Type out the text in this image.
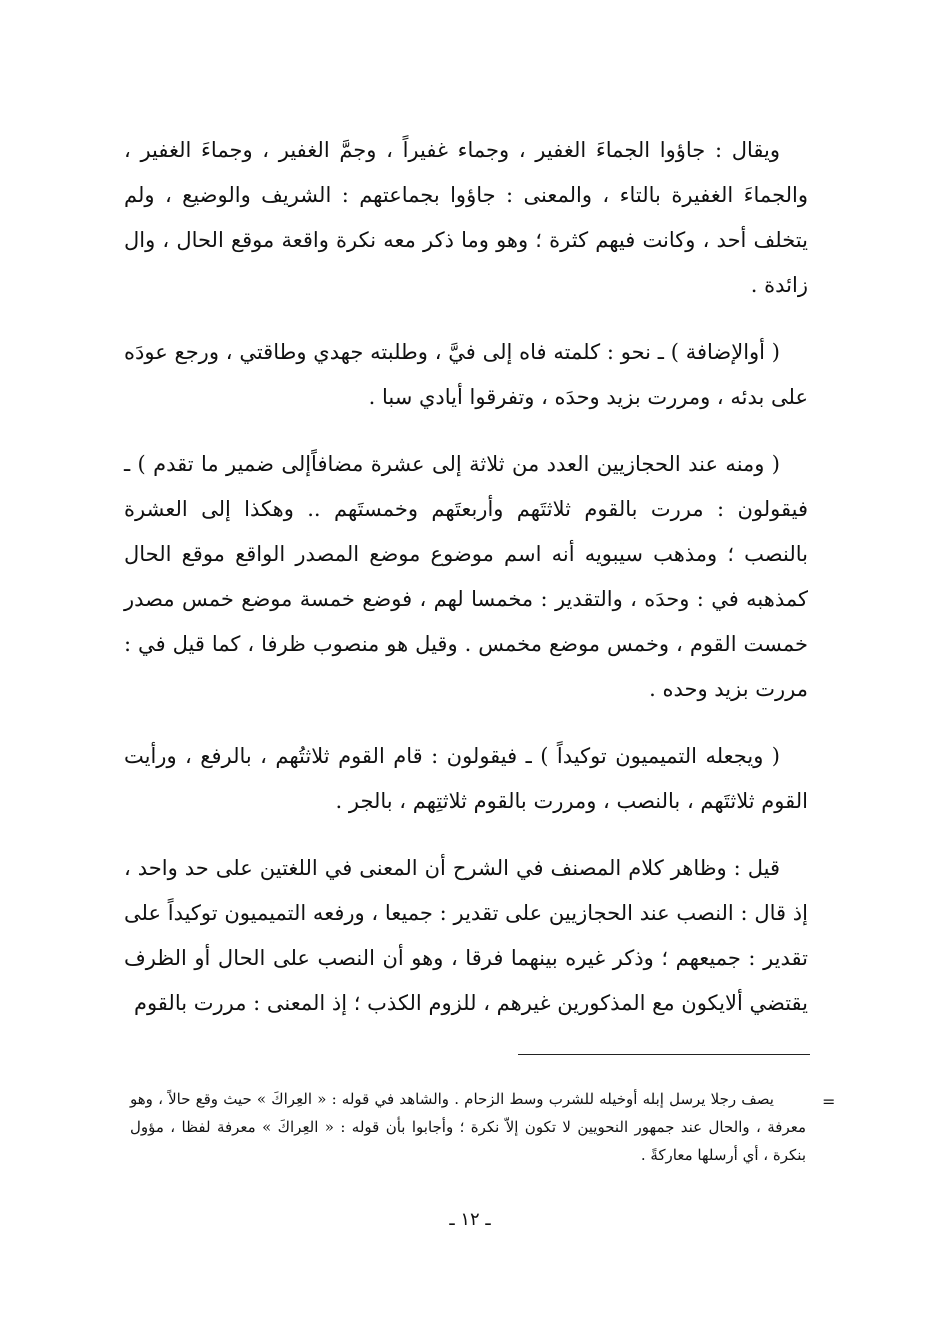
ويقال : جاؤوا الجماءَ الغفير ، وجماء غفيراً ، وجمَّ الغفير ، وجماءَ الغفير ، والجماءَ الغفيرة بالتاء ، والمعنى : جاؤوا بجماعتهم : الشريف والوضيع ، ولم يتخلف أحد ، وكانت فيهم كثرة ؛ وهو وما ذكر معه نكرة واقعة موقع الحال ، وال زائدة .

( أوالإضافة ) ـ نحو : كلمته فاه إلى فيَّ ، وطلبته جهدي وطاقتي ، ورجع عودَه على بدئه ، ومررت بزيد وحدَه ، وتفرقوا أيادي سبا .

( ومنه عند الحجازيين العدد من ثلاثة إلى عشرة مضافاًإلى ضمير ما تقدم ) ـ فيقولون : مررت بالقوم ثلاثتَهم وأربعتَهم وخمستَهم .. وهكذا إلى العشرة بالنصب ؛ ومذهب سيبويه أنه اسم موضوع موضع المصدر الواقع موقع الحال كمذهبه في : وحدَه ، والتقدير : مخمسا لهم ، فوضع خمسة موضع خمس مصدر خمست القوم ، وخمس موضع مخمس . وقيل هو منصوب ظرفا ، كما قيل في : مررت بزيد وحده .

( ويجعله التميميون توكيداً ) ـ فيقولون : قام القوم ثلاثتُهم ، بالرفع ، ورأيت القوم ثلاثتَهم ، بالنصب ، ومررت بالقوم ثلاثتِهم ، بالجر .

قيل : وظاهر كلام المصنف في الشرح أن المعنى في اللغتين على حد واحد ، إذ قال : النصب عند الحجازيين على تقدير : جميعا ، ورفعه التميميون توكيداً على تقدير : جميعهم ؛ وذكر غيره بينهما فرقا ، وهو أن النصب على الحال أو الظرف يقتضي ألايكون مع المذكورين غيرهم ، للزوم الكذب ؛ إذ المعنى : مررت بالقوم

=

يصف رجلا يرسل إبله أوخيله للشرب وسط الزحام . والشاهد في قوله : « العِراكَ » حيث وقع حالاً ، وهو معرفة ، والحال عند جمهور النحويين لا تكون إلاّ نكرة ؛ وأجابوا بأن قوله : « العِراكَ » معرفة لفظا ، مؤول بنكرة ، أي أرسلها معاركةً .

ـ ١٢ ـ
